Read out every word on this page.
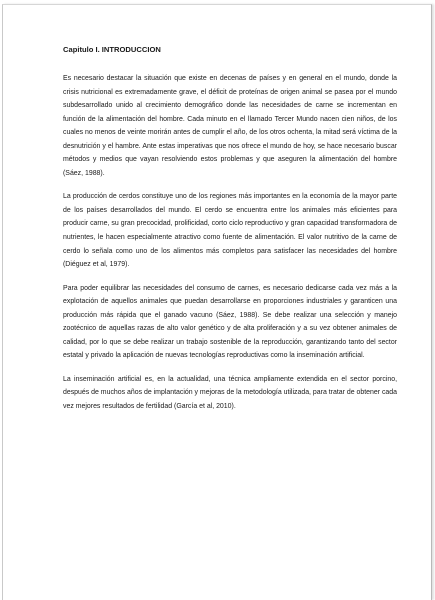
Capitulo I. INTRODUCCION

Es necesario destacar la situación que existe en decenas de países y en general en el mundo, donde la crisis nutricional es extremadamente grave, el déficit de proteínas de origen animal se pasea por el mundo subdesarrollado unido al crecimiento demográfico donde las necesidades de carne se incrementan en función de la alimentación del hombre. Cada minuto en el llamado Tercer Mundo nacen cien niños, de los cuales no menos de veinte morirán antes de cumplir el año, de los otros ochenta, la mitad será víctima de la desnutrición y el hambre. Ante estas imperativas que nos ofrece el mundo de hoy, se hace necesario buscar métodos y medios que vayan resolviendo estos problemas y que aseguren la alimentación del hombre (Sáez, 1988).

La producción de cerdos constituye uno de los regiones más importantes en la economía de la mayor parte de los países desarrollados del mundo. El cerdo se encuentra entre los animales más eficientes para producir carne, su gran precocidad, prolificidad, corto ciclo reproductivo y gran capacidad transformadora de nutrientes, le hacen especialmente atractivo como fuente de alimentación. El valor nutritivo de la carne de cerdo lo señala como uno de los alimentos más completos para satisfacer las necesidades del hombre (Diéguez et al, 1979).

Para poder equilibrar las necesidades del consumo de carnes, es necesario dedicarse cada vez más a la explotación de aquellos animales que puedan desarrollarse en proporciones industriales y garanticen una producción más rápida que el ganado vacuno (Sáez, 1988). Se debe realizar una selección y manejo zootécnico de aquellas razas de alto valor genético y de alta proliferación y a su vez obtener animales de calidad, por lo que se debe realizar un trabajo sostenible de la reproducción, garantizando tanto del sector estatal y privado la aplicación de nuevas tecnologías reproductivas como la inseminación artificial.

La inseminación artificial es, en la actualidad, una técnica ampliamente extendida en el sector porcino, después de muchos años de implantación y mejoras de la metodología utilizada, para tratar de obtener cada vez mejores resultados de fertilidad (García et al, 2010).
